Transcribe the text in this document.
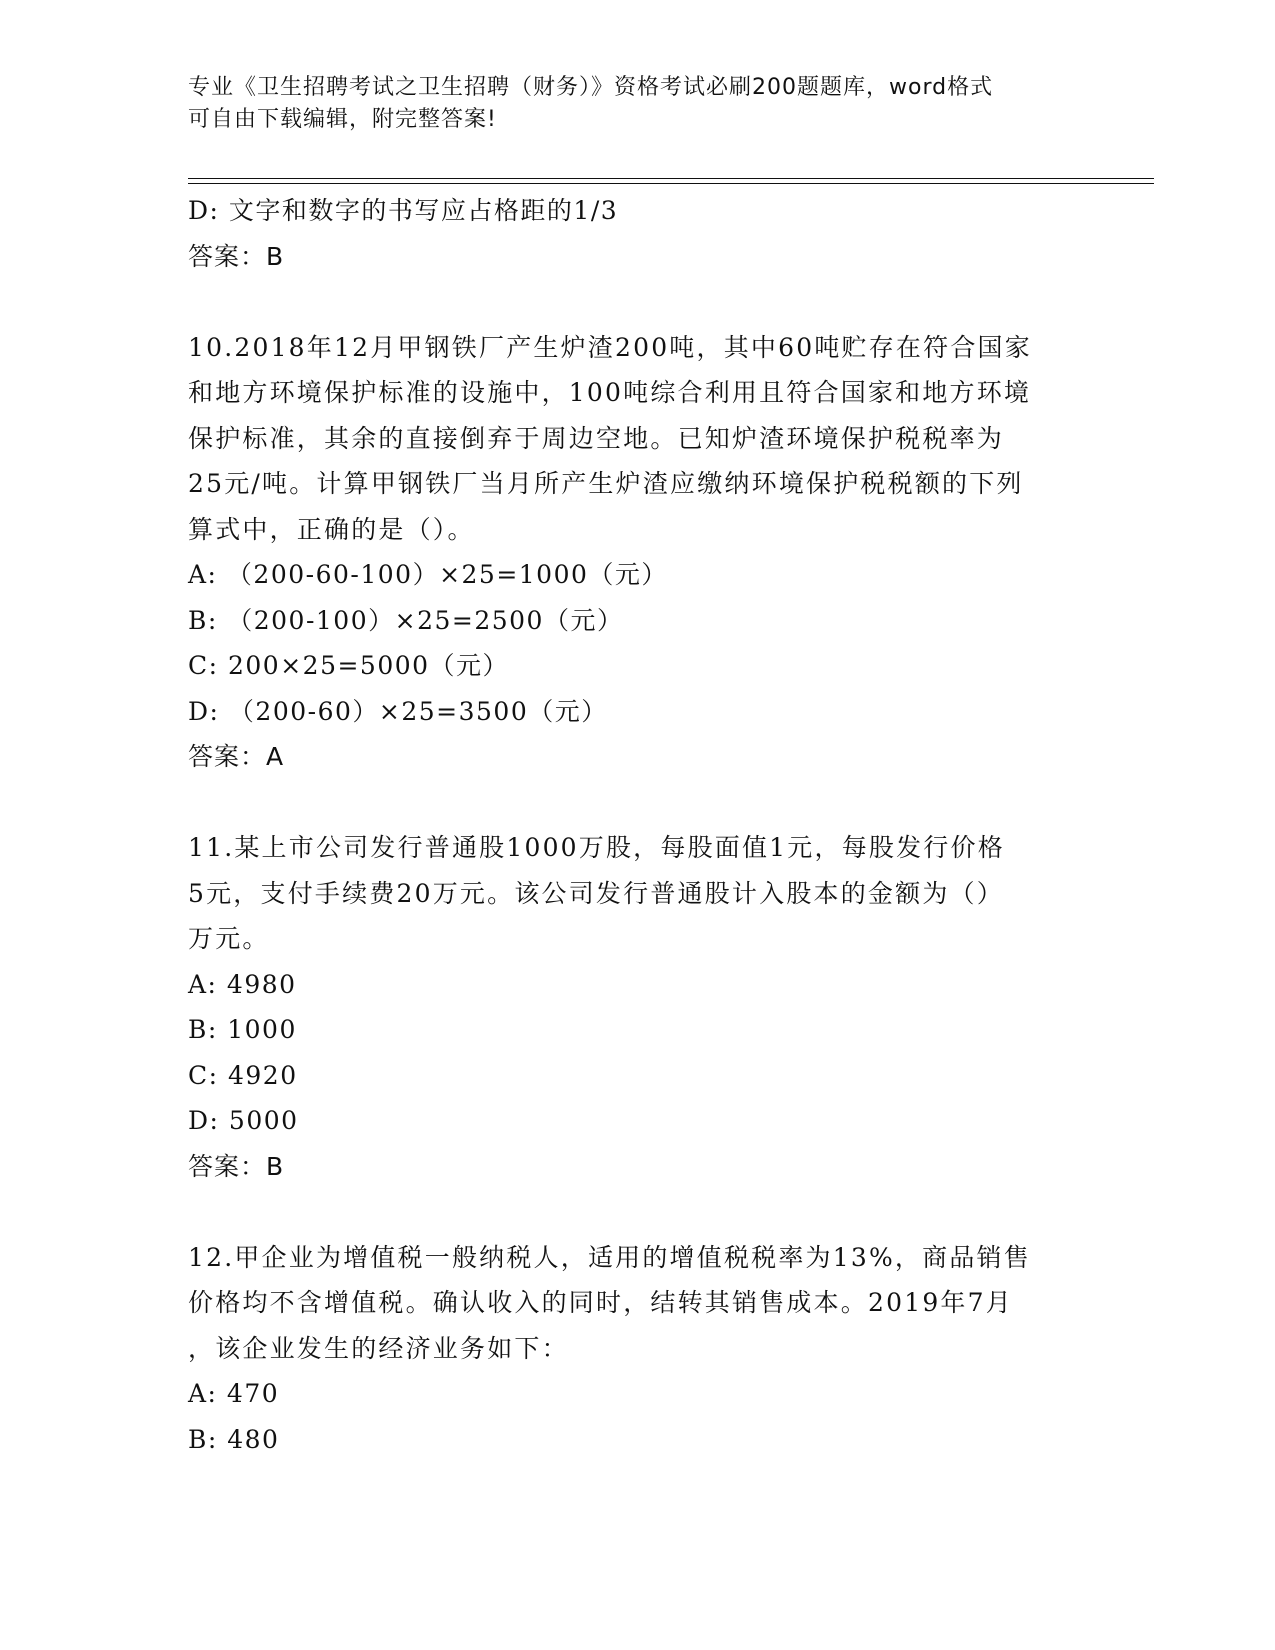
专业《卫生招聘考试之卫生招聘（财务）》资格考试必刷200题题库，word格式
可自由下载编辑，附完整答案!
D: 文字和数字的书写应占格距的1/3
答案：B
10.2018年12月甲钢铁厂产生炉渣200吨，其中60吨贮存在符合国家
和地方环境保护标准的设施中，100吨综合利用且符合国家和地方环境
保护标准，其余的直接倒弃于周边空地。已知炉渣环境保护税税率为
25元/吨。计算甲钢铁厂当月所产生炉渣应缴纳环境保护税税额的下列
算式中，正确的是（）。
A: （200-60-100）×25=1000（元）
B: （200-100）×25=2500（元）
C: 200×25=5000（元）
D: （200-60）×25=3500（元）
答案：A
11.某上市公司发行普通股1000万股，每股面值1元，每股发行价格
5元，支付手续费20万元。该公司发行普通股计入股本的金额为（）
万元。
A: 4980
B: 1000
C: 4920
D: 5000
答案：B
12.甲企业为增值税一般纳税人，适用的增值税税率为13%，商品销售
价格均不含增值税。确认收入的同时，结转其销售成本。2019年7月
，该企业发生的经济业务如下：
A: 470
B: 480
